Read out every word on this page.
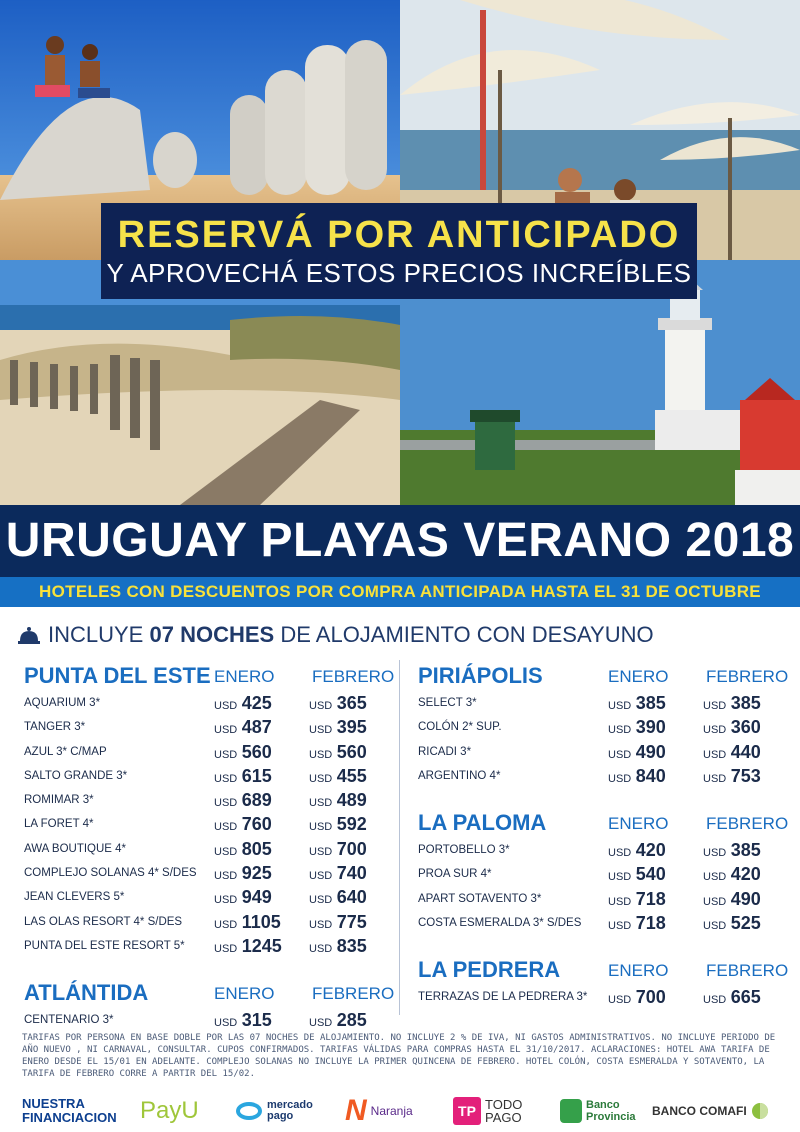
RESERVÁ POR ANTICIPADO
Y APROVECHÁ ESTOS PRECIOS INCREÍBLES
URUGUAY PLAYAS VERANO 2018
HOTELES CON DESCUENTOS POR COMPRA ANTICIPADA HASTA EL 31 DE OCTUBRE
INCLUYE
07 NOCHES
DE ALOJAMIENTO CON DESAYUNO
PUNTA DEL ESTE ENERO FEBRERO
AQUARIUM 3*	USD 425	USD 365
TANGER 3*	USD 487	USD 395
AZUL 3* C/MAP	USD 560	USD 560
SALTO GRANDE 3*	USD 615	USD 455
ROMIMAR 3*	USD 689	USD 489
LA FORET 4*	USD 760	USD 592
AWA BOUTIQUE 4*	USD 805	USD 700
COMPLEJO SOLANAS 4* S/DES USD 925	USD 740
JEAN CLEVERS 5*	USD 949	USD 640
LAS OLAS RESORT 4* S/DES	USD 1105	USD 775
PUNTA DEL ESTE RESORT 5*	USD 1245 USD 835
ATLÁNTIDA	ENERO FEBRERO
CENTENARIO 3*	USD 315	USD 285
PIRIÁPOLIS	ENERO FEBRERO
SELECT 3*	USD 385	USD 385
COLÓN 2* SUP.	USD 390	USD 360
RICADI 3*	USD 490	USD 440
ARGENTINO 4*	USD 840	USD 753
LA PALOMA	ENERO FEBRERO
PORTOBELLO 3*	USD 420	USD 385
PROA SUR 4*	USD 540	USD 420
APART SOTAVENTO 3*	USD 718	USD 490
COSTA ESMERALDA 3* S/DES USD 718	USD 525
LA PEDRERA	ENERO FEBRERO
TERRAZAS DE LA PEDRERA 3* USD 700	USD 665
TARIFAS POR PERSONA EN BASE DOBLE POR LAS 07 NOCHES DE ALOJAMIENTO. NO INCLUYE 2 % DE IVA, NI GASTOS ADMINISTRATIVOS. NO INCLUYE PERIODO DE AÑO NUEVO , NI CARNAVAL, CONSULTAR. CUPOS CONFIRMADOS. TARIFAS VÁLIDAS PARA COMPRAS HASTA EL 31/10/2017. ACLARACIONES: HOTEL AWA TARIFA DE ENERO DESDE EL 15/01 EN ADELANTE. COMPLEJO SOLANAS NO INCLUYE LA PRIMER QUINCENA DE FEBRERO. HOTEL COLÓN, COSTA ESMERALDA Y SOTAVENTO, LA TARIFA DE FEBRERO CORRE A PARTIR DEL 15/02.
NUESTRA
FINANCIACION PayU	mercado
pago	N Naranja	TP TODO
PAGO
Banco
Provincia BANCO COMAFI
